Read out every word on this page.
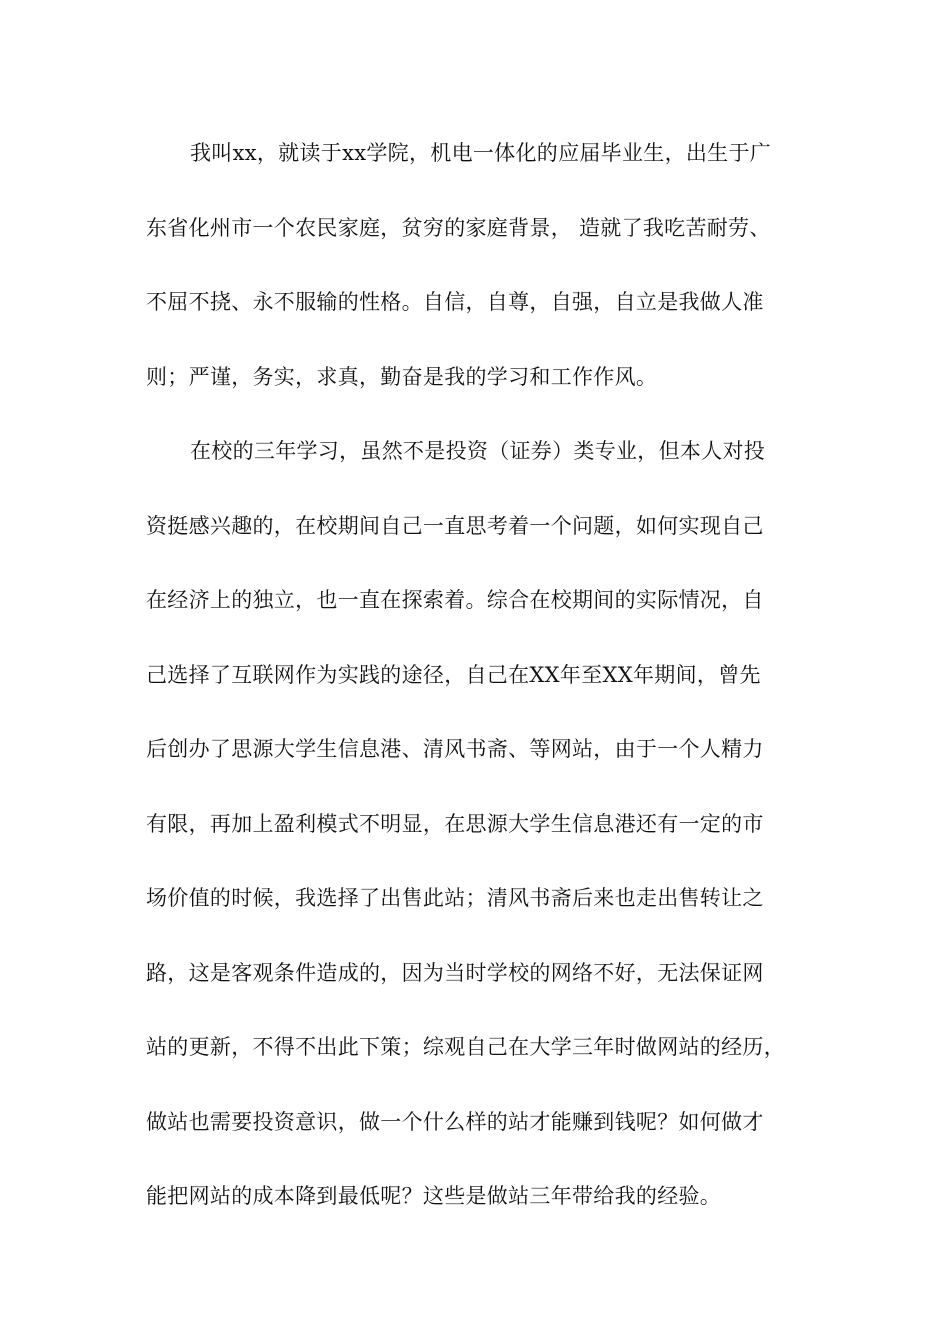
我叫xx，就读于xx学院，机电一体化的应届毕业生，出生于广
东省化州市一个农民家庭，贫穷的家庭背景， 造就了我吃苦耐劳、
不屈不挠、永不服输的性格。自信，自尊，自强，自立是我做人准
则；严谨，务实，求真，勤奋是我的学习和工作作风。
在校的三年学习，虽然不是投资（证券）类专业，但本人对投
资挺感兴趣的，在校期间自己一直思考着一个问题，如何实现自己
在经济上的独立，也一直在探索着。综合在校期间的实际情况，自
己选择了互联网作为实践的途径，自己在XX年至XX年期间，曾先
后创办了思源大学生信息港、清风书斋、等网站，由于一个人精力
有限，再加上盈利模式不明显，在思源大学生信息港还有一定的市
场价值的时候，我选择了出售此站；清风书斋后来也走出售转让之
路，这是客观条件造成的，因为当时学校的网络不好，无法保证网
站的更新，不得不出此下策；综观自己在大学三年时做网站的经历，
做站也需要投资意识，做一个什么样的站才能赚到钱呢？如何做才
能把网站的成本降到最低呢？这些是做站三年带给我的经验。
